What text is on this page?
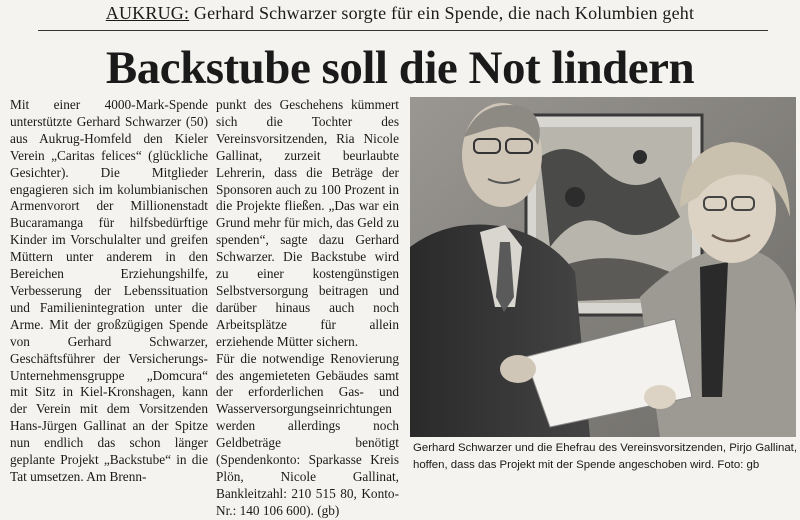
AUKRUG: Gerhard Schwarzer sorgte für ein Spende, die nach Kolumbien geht
Backstube soll die Not lindern
Mit einer 4000-Mark-Spende unterstützte Gerhard Schwarzer (50) aus Aukrug-Homfeld den Kieler Verein „Caritas felices“ (glückliche Gesichter). Die Mitglieder engagieren sich im kolumbianischen Armenvorort der Millionenstadt Bucaramanga für hilfsbedürftige Kinder im Vorschulalter und greifen Müttern unter anderem in den Bereichen Erziehungshilfe, Verbesserung der Lebenssituation und Familienintegration unter die Arme. Mit der großzügigen Spende von Gerhard Schwarzer, Geschäftsführer der Versicherungs-Unternehmensgruppe „Domcura“ mit Sitz in Kiel-Kronshagen, kann der Verein mit dem Vorsitzenden Hans-Jürgen Gallinat an der Spitze nun endlich das schon länger geplante Projekt „Backstube“ in die Tat umsetzen. Am Brenn-
punkt des Geschehens kümmert sich die Tochter des Vereinsvorsitzenden, Ria Nicole Gallinat, zurzeit beurlaubte Lehrerin, dass die Beträge der Sponsoren auch zu 100 Prozent in die Projekte fließen. „Das war ein Grund mehr für mich, das Geld zu spenden“, sagte dazu Gerhard Schwarzer. Die Backstube wird zu einer kostengünstigen Selbstversorgung beitragen und darüber hinaus auch noch Arbeitsplätze für allein erziehende Mütter sichern.
Für die notwendige Renovierung des angemieteten Gebäudes samt der erforderlichen Gas- und Wasserversorgungseinrichtungen werden allerdings noch Geldbeträge benötigt (Spendenkonto: Sparkasse Kreis Plön, Nicole Gallinat, Bankleitzahl: 210 515 80, Konto-Nr.: 140 106 600). (gb)
Gerhard Schwarzer und die Ehefrau des Vereinsvorsitzenden, Pirjo Gallinat, hoffen, dass das Projekt mit der Spende angeschoben wird. Foto: gb
